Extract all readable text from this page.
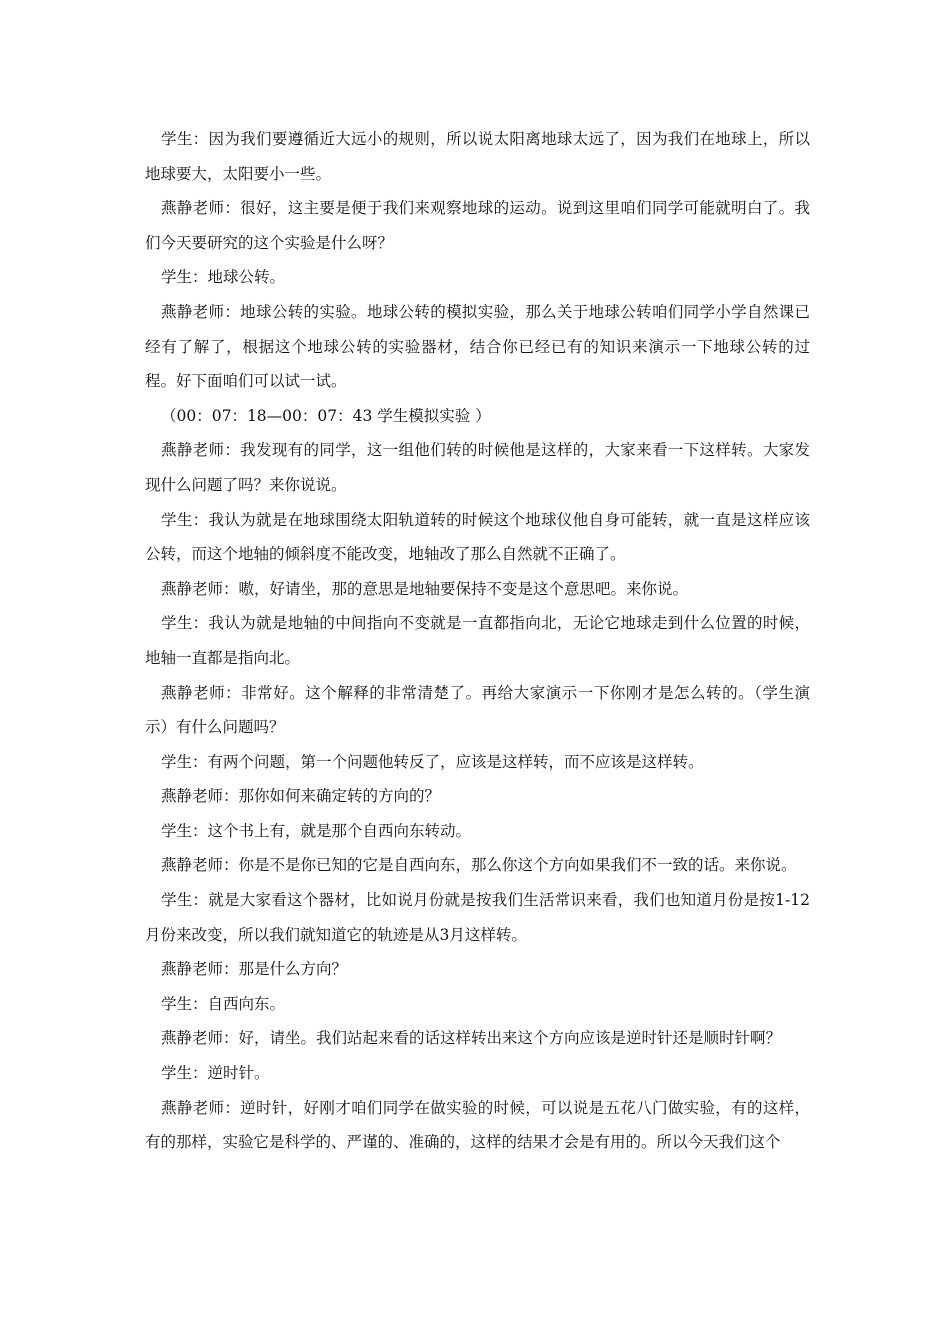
学生：因为我们要遵循近大远小的规则，所以说太阳离地球太远了，因为我们在地球上，所以地球要大，太阳要小一些。

燕静老师：很好，这主要是便于我们来观察地球的运动。说到这里咱们同学可能就明白了。我们今天要研究的这个实验是什么呀？

学生：地球公转。

燕静老师：地球公转的实验。地球公转的模拟实验，那么关于地球公转咱们同学小学自然课已经有了解了，根据这个地球公转的实验器材，结合你已经已有的知识来演示一下地球公转的过程。好下面咱们可以试一试。

（00：07：18—00：07：43 学生模拟实验 ）

燕静老师：我发现有的同学，这一组他们转的时候他是这样的，大家来看一下这样转。大家发现什么问题了吗？来你说说。

学生：我认为就是在地球围绕太阳轨道转的时候这个地球仪他自身可能转，就一直是这样应该公转，而这个地轴的倾斜度不能改变，地轴改了那么自然就不正确了。

燕静老师：嗷，好请坐，那的意思是地轴要保持不变是这个意思吧。来你说。

学生：我认为就是地轴的中间指向不变就是一直都指向北，无论它地球走到什么位置的时候，地轴一直都是指向北。

燕静老师：非常好。这个解释的非常清楚了。再给大家演示一下你刚才是怎么转的。（学生演示）有什么问题吗？

学生：有两个问题，第一个问题他转反了，应该是这样转，而不应该是这样转。

燕静老师：那你如何来确定转的方向的？

学生：这个书上有，就是那个自西向东转动。

燕静老师：你是不是你已知的它是自西向东，那么你这个方向如果我们不一致的话。来你说。

学生：就是大家看这个器材，比如说月份就是按我们生活常识来看，我们也知道月份是按1-12月份来改变，所以我们就知道它的轨迹是从3月这样转。

燕静老师：那是什么方向？

学生：自西向东。

燕静老师：好，请坐。我们站起来看的话这样转出来这个方向应该是逆时针还是顺时针啊？

学生：逆时针。

燕静老师：逆时针，好刚才咱们同学在做实验的时候，可以说是五花八门做实验，有的这样，有的那样，实验它是科学的、严谨的、准确的，这样的结果才会是有用的。所以今天我们这个
